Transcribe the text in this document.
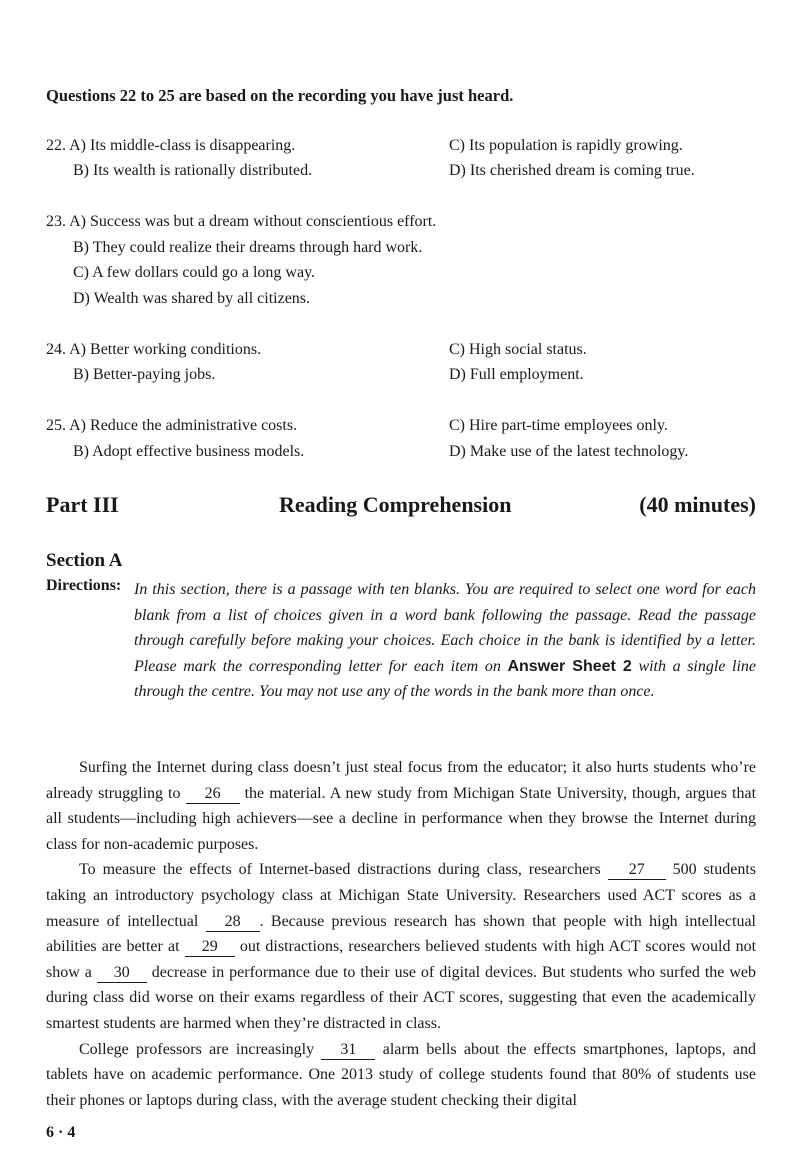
Questions 22 to 25 are based on the recording you have just heard.
22. A) Its middle-class is disappearing.
B) Its wealth is rationally distributed.
C) Its population is rapidly growing.
D) Its cherished dream is coming true.
23. A) Success was but a dream without conscientious effort.
B) They could realize their dreams through hard work.
C) A few dollars could go a long way.
D) Wealth was shared by all citizens.
24. A) Better working conditions.
B) Better-paying jobs.
C) High social status.
D) Full employment.
25. A) Reduce the administrative costs.
B) Adopt effective business models.
C) Hire part-time employees only.
D) Make use of the latest technology.
Part III	Reading Comprehension	(40 minutes)
Section A
Directions: In this section, there is a passage with ten blanks. You are required to select one word for each blank from a list of choices given in a word bank following the passage. Read the passage through carefully before making your choices. Each choice in the bank is identified by a letter. Please mark the corresponding letter for each item on Answer Sheet 2 with a single line through the centre. You may not use any of the words in the bank more than once.

Surfing the Internet during class doesn’t just steal focus from the educator; it also hurts students who’re already struggling to 26 the material. A new study from Michigan State University, though, argues that all students—including high achievers—see a decline in performance when they browse the Internet during class for non-academic purposes.

To measure the effects of Internet-based distractions during class, researchers 27 500 students taking an introductory psychology class at Michigan State University. Researchers used ACT scores as a measure of intellectual 28 . Because previous research has shown that people with high intellectual abilities are better at 29 out distractions, researchers believed students with high ACT scores would not show a 30 decrease in performance due to their use of digital devices. But students who surfed the web during class did worse on their exams regardless of their ACT scores, suggesting that even the academically smartest students are harmed when they’re distracted in class.

College professors are increasingly 31 alarm bells about the effects smartphones, laptops, and tablets have on academic performance. One 2013 study of college students found that 80% of students use their phones or laptops during class, with the average student checking their digital

6 · 4
